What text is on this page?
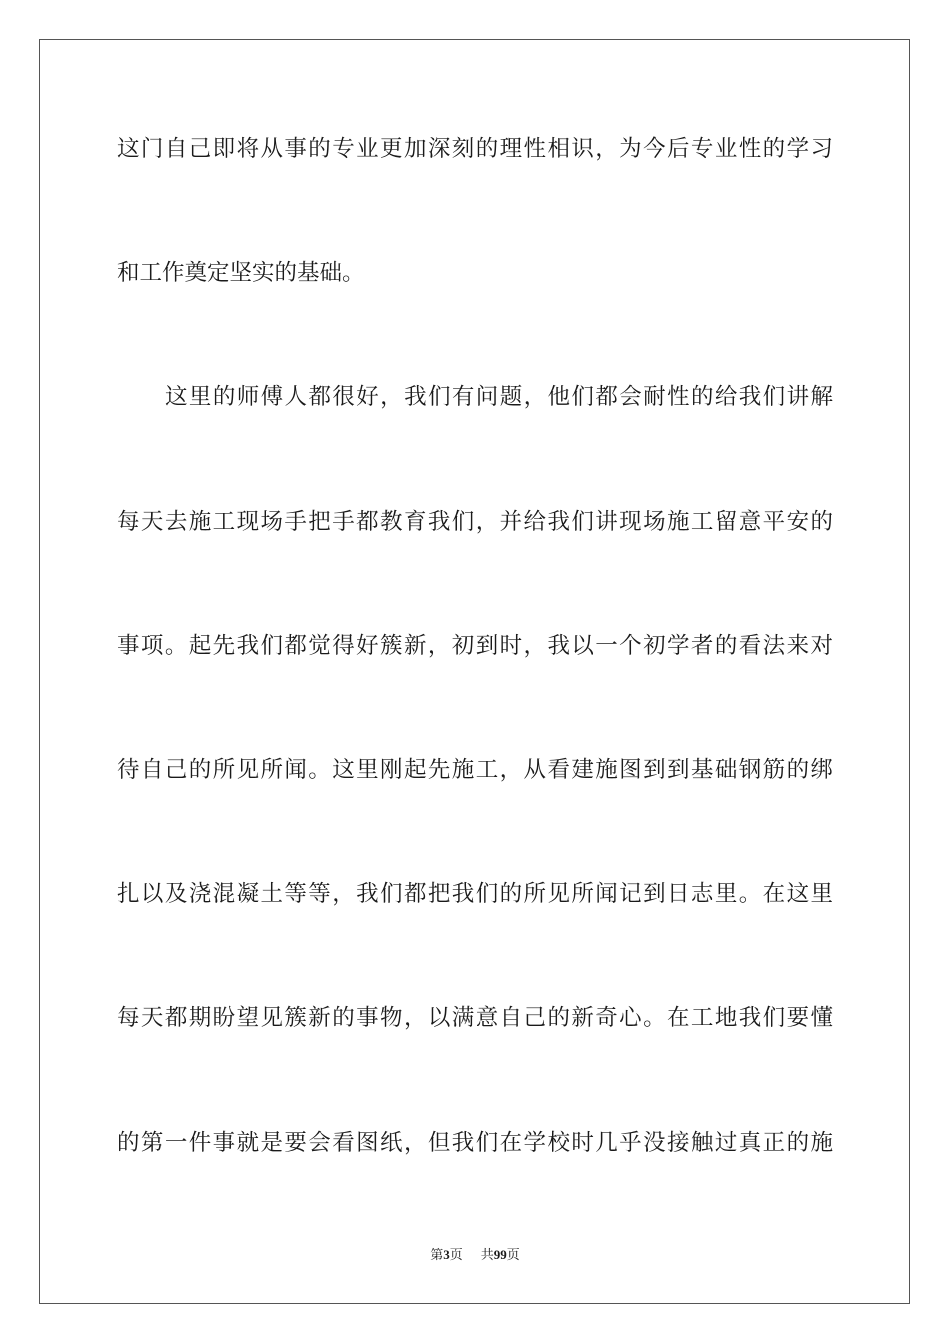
这门自己即将从事的专业更加深刻的理性相识，为今后专业性的学习
和工作奠定坚实的基础。
这里的师傅人都很好，我们有问题，他们都会耐性的给我们讲解
每天去施工现场手把手都教育我们，并给我们讲现场施工留意平安的
事项。起先我们都觉得好簇新，初到时，我以一个初学者的看法来对
待自己的所见所闻。这里刚起先施工，从看建施图到到基础钢筋的绑
扎以及浇混凝土等等，我们都把我们的所见所闻记到日志里。在这里
每天都期盼望见簇新的事物，以满意自己的新奇心。在工地我们要懂
的第一件事就是要会看图纸，但我们在学校时几乎没接触过真正的施
第3页 共99页
